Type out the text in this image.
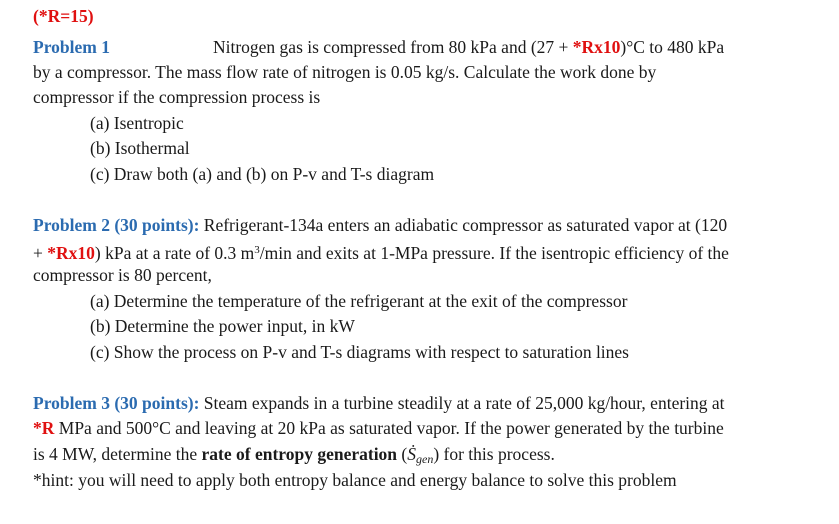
(*R=15)
Problem 1	Nitrogen gas is compressed from 80 kPa and (27 + *Rx10)°C to 480 kPa
by a compressor. The mass flow rate of nitrogen is 0.05 kg/s. Calculate the work done by
compressor if the compression process is
(a) Isentropic
(b) Isothermal
(c) Draw both (a) and (b) on P-v and T-s diagram
Problem 2 (30 points): Refrigerant-134a enters an adiabatic compressor as saturated vapor at (120
+ *Rx10) kPa at a rate of 0.3 $m^3/\min$ and exits at 1-MPa pressure. If the isentropic efficiency of the
compressor is 80 percent,
(a) Determine the temperature of the refrigerant at the exit of the compressor
(b) Determine the power input, in kW
(c) Show the process on P-v and T-s diagrams with respect to saturation lines
Problem 3 (30 points): Steam expands in a turbine steadily at a rate of 25,000 kg/hour, entering at
*R MPa and 500°C and leaving at 20 kPa as saturated vapor. If the power generated by the turbine
is 4 MW, determine the rate of entropy generation (Ṡ$_{gen}$) for this process.
*hint: you will need to apply both entropy balance and energy balance to solve this problem
